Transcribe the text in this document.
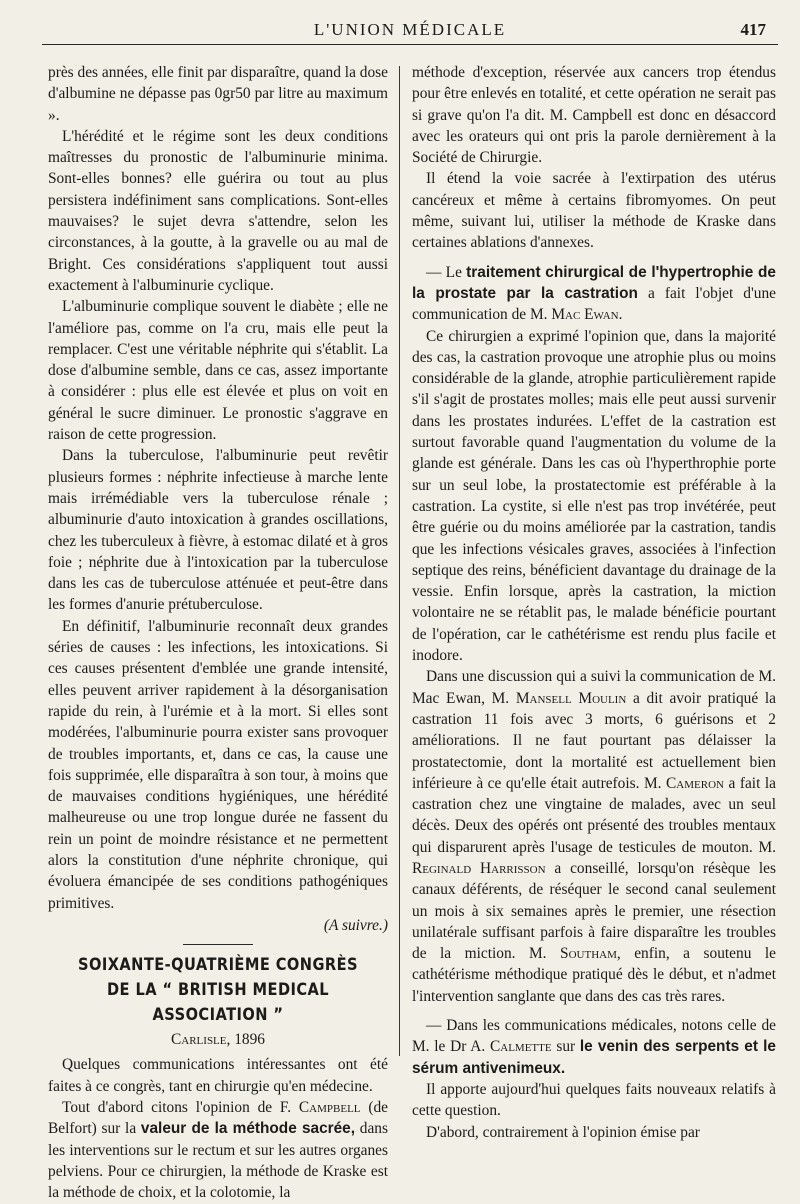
L'UNION MÉDICALE	417

près des années, elle finit par disparaître, quand la dose d'albumine ne dépasse pas 0gr50 par litre au maximum ».

L'hérédité et le régime sont les deux conditions maîtresses du pronostic de l'albuminurie minima. Sont-elles bonnes? elle guérira ou tout au plus persistera indéfiniment sans complications. Sont-elles mauvaises? le sujet devra s'attendre, selon les circonstances, à la goutte, à la gravelle ou au mal de Bright. Ces considérations s'appliquent tout aussi exactement à l'albuminurie cyclique.

L'albuminurie complique souvent le diabète ; elle ne l'améliore pas, comme on l'a cru, mais elle peut la remplacer. C'est une véritable néphrite qui s'établit. La dose d'albumine semble, dans ce cas, assez importante à considérer : plus elle est élevée et plus on voit en général le sucre diminuer. Le pronostic s'aggrave en raison de cette progression.

Dans la tuberculose, l'albuminurie peut revêtir plusieurs formes : néphrite infectieuse à marche lente mais irrémédiable vers la tuberculose rénale ; albuminurie d'auto intoxication à grandes oscillations, chez les tuberculeux à fièvre, à estomac dilaté et à gros foie ; néphrite due à l'intoxication par la tuberculose dans les cas de tuberculose atténuée et peut-être dans les formes d'anurie prétuberculose.

En définitif, l'albuminurie reconnaît deux grandes séries de causes : les infections, les intoxications. Si ces causes présentent d'emblée une grande intensité, elles peuvent arriver rapidement à la désorganisation rapide du rein, à l'urémie et à la mort. Si elles sont modérées, l'albuminurie pourra exister sans provoquer de troubles importants, et, dans ce cas, la cause une fois supprimée, elle disparaîtra à son tour, à moins que de mauvaises conditions hygiéniques, une hérédité malheureuse ou une trop longue durée ne fassent du rein un point de moindre résistance et ne permettent alors la constitution d'une néphrite chronique, qui évoluera émancipée de ses conditions pathogéniques primitives.

(A suivre.)
SOIXANTE-QUATRIÈME CONGRÈS
DE LA “ BRITISH MEDICAL ASSOCIATION ”
Carlisle, 1896

Quelques communications intéressantes ont été faites à ce congrès, tant en chirurgie qu'en médecine.

Tout d'abord citons l'opinion de F. Campbell (de Belfort) sur la valeur de la méthode sacrée, dans les interventions sur le rectum et sur les autres organes pelviens. Pour ce chirurgien, la méthode de Kraske est la méthode de choix, et la colotomie, la

méthode d'exception, réservée aux cancers trop étendus pour être enlevés en totalité, et cette opération ne serait pas si grave qu'on l'a dit. M. Campbell est donc en désaccord avec les orateurs qui ont pris la parole dernièrement à la Société de Chirurgie.

Il étend la voie sacrée à l'extirpation des utérus cancéreux et même à certains fibromyomes. On peut même, suivant lui, utiliser la méthode de Kraske dans certaines ablations d'annexes.

— Le traitement chirurgical de l'hypertrophie de la prostate par la castration a fait l'objet d'une communication de M. Mac Ewan.

Ce chirurgien a exprimé l'opinion que, dans la majorité des cas, la castration provoque une atrophie plus ou moins considérable de la glande, atrophie particulièrement rapide s'il s'agit de prostates molles; mais elle peut aussi survenir dans les prostates indurées. L'effet de la castration est surtout favorable quand l'augmentation du volume de la glande est générale. Dans les cas où l'hyperthrophie porte sur un seul lobe, la prostatectomie est préférable à la castration. La cystite, si elle n'est pas trop invétérée, peut être guérie ou du moins améliorée par la castration, tandis que les infections vésicales graves, associées à l'infection septique des reins, bénéficient davantage du drainage de la vessie. Enfin lorsque, après la castration, la miction volontaire ne se rétablit pas, le malade bénéficie pourtant de l'opération, car le cathétérisme est rendu plus facile et inodore.

Dans une discussion qui a suivi la communication de M. Mac Ewan, M. Mansell Moulin a dit avoir pratiqué la castration 11 fois avec 3 morts, 6 guérisons et 2 améliorations. Il ne faut pourtant pas délaisser la prostatectomie, dont la mortalité est actuellement bien inférieure à ce qu'elle était autrefois. M. Cameron a fait la castration chez une vingtaine de malades, avec un seul décès. Deux des opérés ont présenté des troubles mentaux qui disparurent après l'usage de testicules de mouton. M. Reginald Harrisson a conseillé, lorsqu'on résèque les canaux déférents, de réséquer le second canal seulement un mois à six semaines après le premier, une résection unilatérale suffisant parfois à faire disparaître les troubles de la miction. M. Southam, enfin, a soutenu le cathétérisme méthodique pratiqué dès le début, et n'admet l'intervention sanglante que dans des cas très rares.

— Dans les communications médicales, notons celle de M. le Dr A. Calmette sur le venin des serpents et le sérum antivenimeux.

Il apporte aujourd'hui quelques faits nouveaux relatifs à cette question.

D'abord, contrairement à l'opinion émise par
